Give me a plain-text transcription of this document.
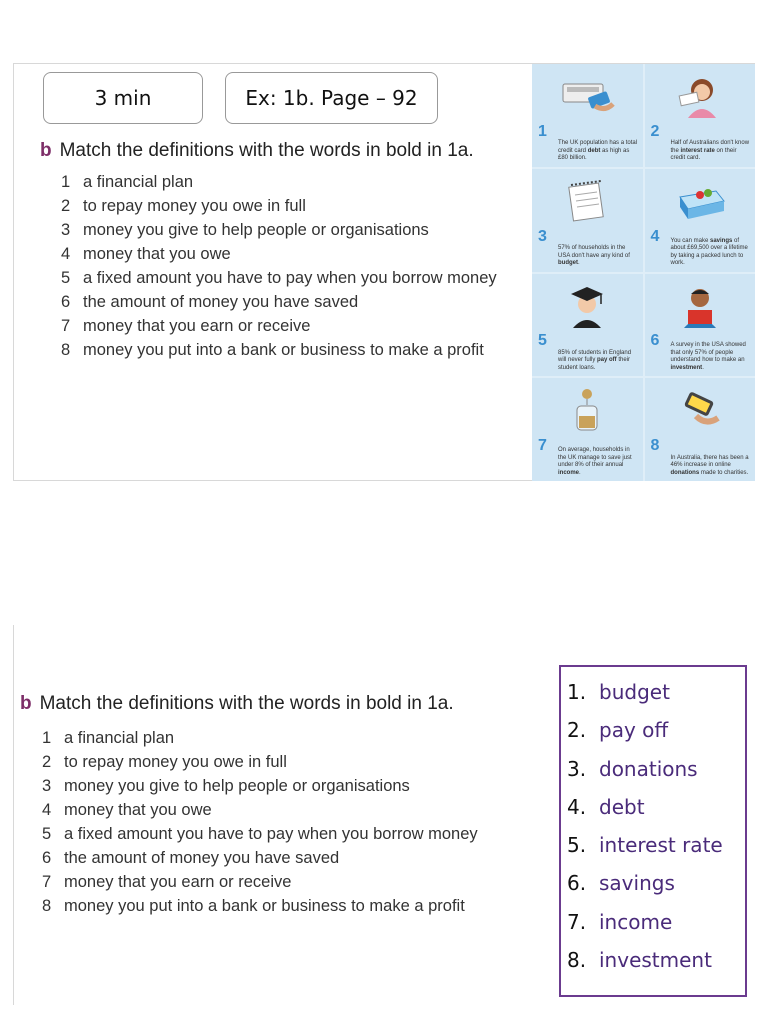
3 min	Ex: 1b. Page – 92
b Match the definitions with the words in bold in 1a.
1 a financial plan
2 to repay money you owe in full
3 money you give to help people or organisations
4 money that you owe
5 a fixed amount you have to pay when you borrow money
6 the amount of money you have saved
7 money that you earn or receive
8 money you put into a bank or business to make a profit
1
The UK population has a total credit card debt as high as £80 billion.
2
Half of Australians don't know the interest rate on their credit card.
3
57% of households in the USA don't have any kind of budget.
4 You can make savings of about £69,500 over a lifetime by taking a packed lunch to work.
5
85% of students in England will never fully pay off their student loans.
6 A survey in the USA showed that only 57% of people understand how to make an investment.
7 On average, households in the UK manage to save just under 8% of their annual income.
8
In Australia, there has been a 46% increase in online donations made to charities.
b Match the definitions with the words in bold in 1a.
1 a financial plan
2 to repay money you owe in full
3 money you give to help people or organisations
4 money that you owe
5 a fixed amount you have to pay when you borrow money
6 the amount of money you have saved
7 money that you earn or receive
8 money you put into a bank or business to make a profit
1. budget
2. pay off
3. donations
4. debt
5. interest rate
6. savings
7. income
8. investment
